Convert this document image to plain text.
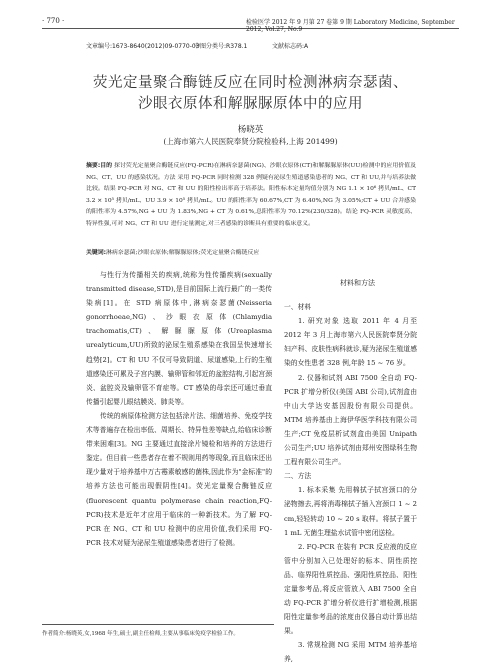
· 770 ·	检验医学 2012 年 9 月第 27 卷第 9 期 Laboratory Medicine, September 2012, Vol.27, No.9
文章编号:1673-8640(2012)09-0770-03
中图分类号:R378.1	文献标志码:A
荧光定量聚合酶链反应在同时检测淋病奈瑟菌、
沙眼衣原体和解脲脲原体中的应用
杨晓英
(上海市第六人民医院奉贤分院检验科,上海 201499)
摘要:目的 探讨荧光定量聚合酶链反应(FQ-PCR)在淋病奈瑟菌(NG)、沙眼衣原体(CT)和解脲脲原体(UU)检测中的应用价值及 NG、CT、UU 的感染状况。方法 采用 FQ-PCR 同时检测 328 例疑有泌尿生殖道感染患者的 NG、CT 和 UU,并与培养法做比较。结果 FQ-PCR 对 NG、CT 和 UU 的阳性检出率高于培养法。阳性标本定量均值分别为 NG 1.1 × 10⁶ 拷贝/mL、CT 3.2 × 10⁵ 拷贝/mL、UU 3.9 × 10⁵ 拷贝/mL。UU 的阳性率为 60.67%,CT 为 6.40%,NG 为 3.05%;CT + UU 合并感染的阳性率为 4.57%,NG + UU 为 1.83%,NG + CT 为 0.61%,总阳性率为 70.12%(230/328)。结论 FQ-PCR 灵敏度高、特异性强,可对 NG、CT 和 UU 进行定量测定,对三者感染的诊断具有重要的临床意义。
关键词:淋病奈瑟菌;沙眼衣原体;解脲脲原体;荧光定量聚合酶链反应

与性行为传播相关的疾病,统称为性传播疾病(sexually transmitted disease,STD),是目前国际上流行最广的一类传染病[1]。在 STD 病原体中,淋病奈瑟菌(Neisseria gonorrhoeae,NG)、沙眼衣原体(Chlamydia trachomatis,CT)、解脲脲原体(Ureaplasma urealyticum,UU)所致的泌尿生殖系感染在我国呈快速增长趋势[2]。CT 和 UU 不仅可导致阴道、尿道感染,上行的生殖道感染还可累及子宫内膜、输卵管和邻近的盆腔结构,引起宫颈炎、盆腔炎及输卵管不育症等。CT 感染的母亲还可通过垂直传播引起婴儿眼结膜炎、肺炎等。

传统的病原体检测方法包括涂片法、细菌培养、免疫学技术等普遍存在检出率低、周期长、特异性差等缺点,给临床诊断带来困难[3]。NG 主要通过直接涂片镜检和培养的方法进行鉴定。但目前一些患者存在着不规则用药等现象,而且临床还出现少量对于培养基中万古霉素敏感的菌株,因此作为"金标准"的培养方法也可能出现假阴性[4]。荧光定量聚合酶链反应(fluorescent quantu polymerase chain reaction,FQ-PCR)技术是近年才应用于临床的一种新技术。为了解 FQ-PCR 在 NG、CT 和 UU 检测中的应用价值,我们采用 FQ-PCR 技术对疑为泌尿生殖道感染患者进行了检测。

材料和方法

一、材料

1. 研究对象 选取 2011 年 4 月至 2012 年 3 月上海市第六人民医院奉贤分院妇产科、皮肤性病科就诊,疑为泌尿生殖道感染的女性患者 328 例,年龄 15 ~ 76 岁。

2. 仪器和试剂 ABI 7500 全自动 FQ-PCR 扩增分析仪(美国 ABI 公司),试剂盒由中山大学达安基因股份有限公司提供。MTM 培养基由上海伊华医学科技有限公司生产;CT 免疫层析试剂盒由美国 Unipath 公司生产;UU 培养试剂由郑州安图绿科生物工程有限公司生产。

二、方法

1. 标本采集 先用棉拭子拭宫颈口的分泌物擦去,再将消毒棉拭子插入宫颈口 1 ~ 2 cm,轻轻转动 10 ~ 20 s 取样。将拭子置于 1 mL 无菌生理盐水试管中密闭送检。

2. FQ-PCR 在装有 PCR 反应液的反应管中分别加入已处理好的标本、阴性质控品、临界阳性质控品、强阳性质控品、阳性定量参考品,将反应管放入 ABI 7500 全自动 FQ-PCR 扩增分析仪进行扩增检测,根据阳性定量参考品的浓度由仪器自动计算出结果。

3. 常规检测 NG 采用 MTM 培养基培养,

作者简介:杨晓英,女,1968 年生,硕士,副主任检师,主要从事临床免疫学检验工作。
